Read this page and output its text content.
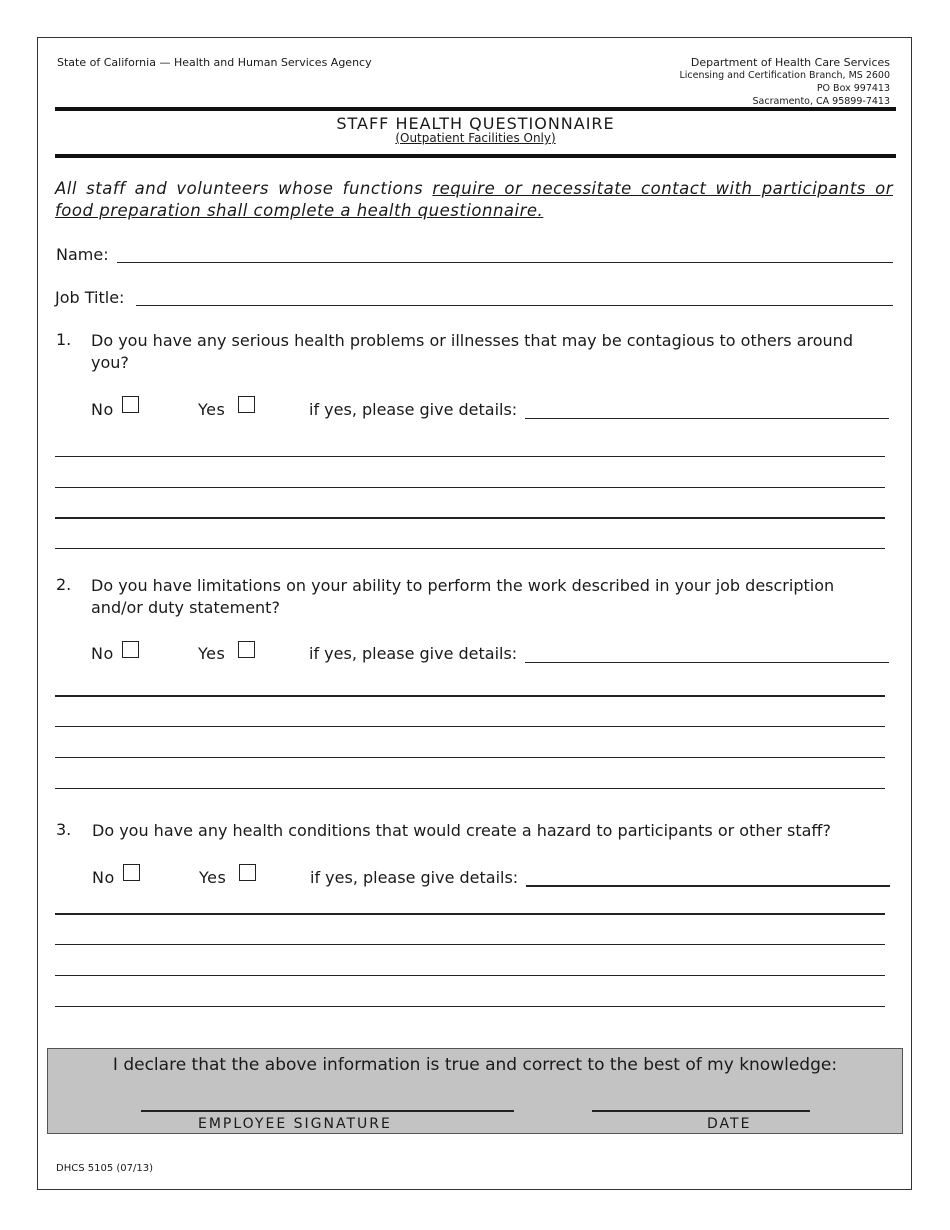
State of California — Health and Human Services Agency	Department of Health Care Services
Licensing and Certification Branch, MS 2600
PO Box 997413
Sacramento, CA 95899-7413
STAFF HEALTH QUESTIONNAIRE
(Outpatient Facilities Only)
All staff and volunteers whose functions require or necessitate contact with participants or food preparation shall complete a health questionnaire.
Name:
Job Title:
1. Do you have any serious health problems or illnesses that may be contagious to others around you?
No	Yes	if yes, please give details:
2. Do you have limitations on your ability to perform the work described in your job description and/or duty statement?
No	Yes	if yes, please give details:
3. Do you have any health conditions that would create a hazard to participants or other staff?
No	Yes	if yes, please give details:
I declare that the above information is true and correct to the best of my knowledge:
EMPLOYEE SIGNATURE	DATE
DHCS 5105 (07/13)
